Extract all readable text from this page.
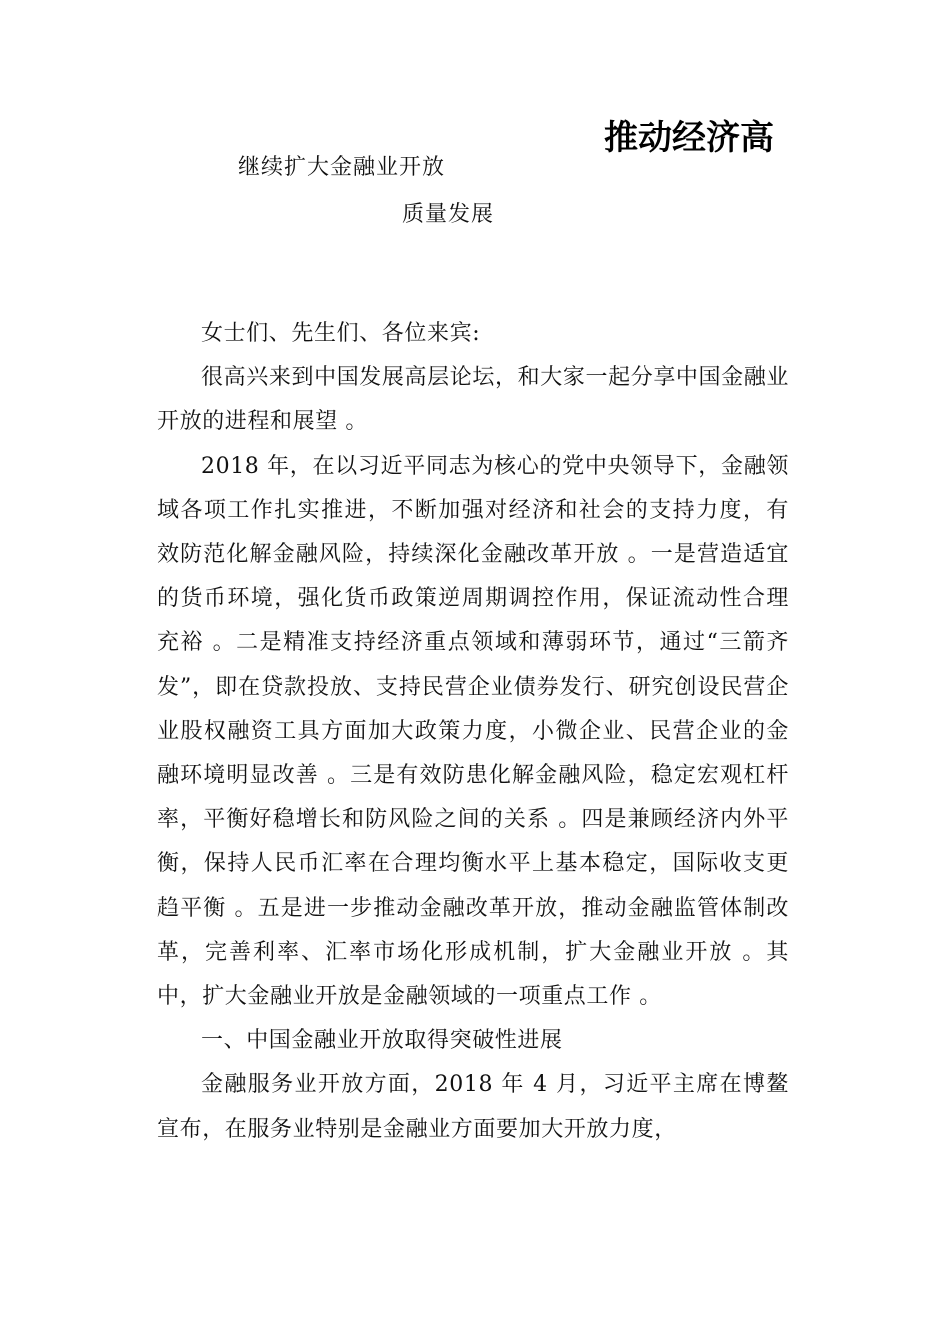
推动经济高
继续扩大金融业开放
质量发展

女士们、先生们、各位来宾:

很高兴来到中国发展高层论坛，和大家一起分享中国金融业开放的进程和展望 。

2018 年，在以习近平同志为核心的党中央领导下，金融领域各项工作扎实推进，不断加强对经济和社会的支持力度，有效防范化解金融风险，持续深化金融改革开放 。一是营造适宜的货币环境，强化货币政策逆周期调控作用，保证流动性合理充裕 。二是精准支持经济重点领域和薄弱环节，通过“三箭齐发”，即在贷款投放、支持民营企业债券发行、研究创设民营企业股权融资工具方面加大政策力度，小微企业、民营企业的金融环境明显改善 。三是有效防患化解金融风险，稳定宏观杠杆率，平衡好稳增长和防风险之间的关系 。四是兼顾经济内外平衡，保持人民币汇率在合理均衡水平上基本稳定，国际收支更趋平衡 。五是进一步推动金融改革开放，推动金融监管体制改革，完善利率、汇率市场化形成机制，扩大金融业开放 。其中，扩大金融业开放是金融领域的一项重点工作 。

一、中国金融业开放取得突破性进展

金融服务业开放方面，2018 年 4 月，习近平主席在博鳌宣布，在服务业特别是金融业方面要加大开放力度，
